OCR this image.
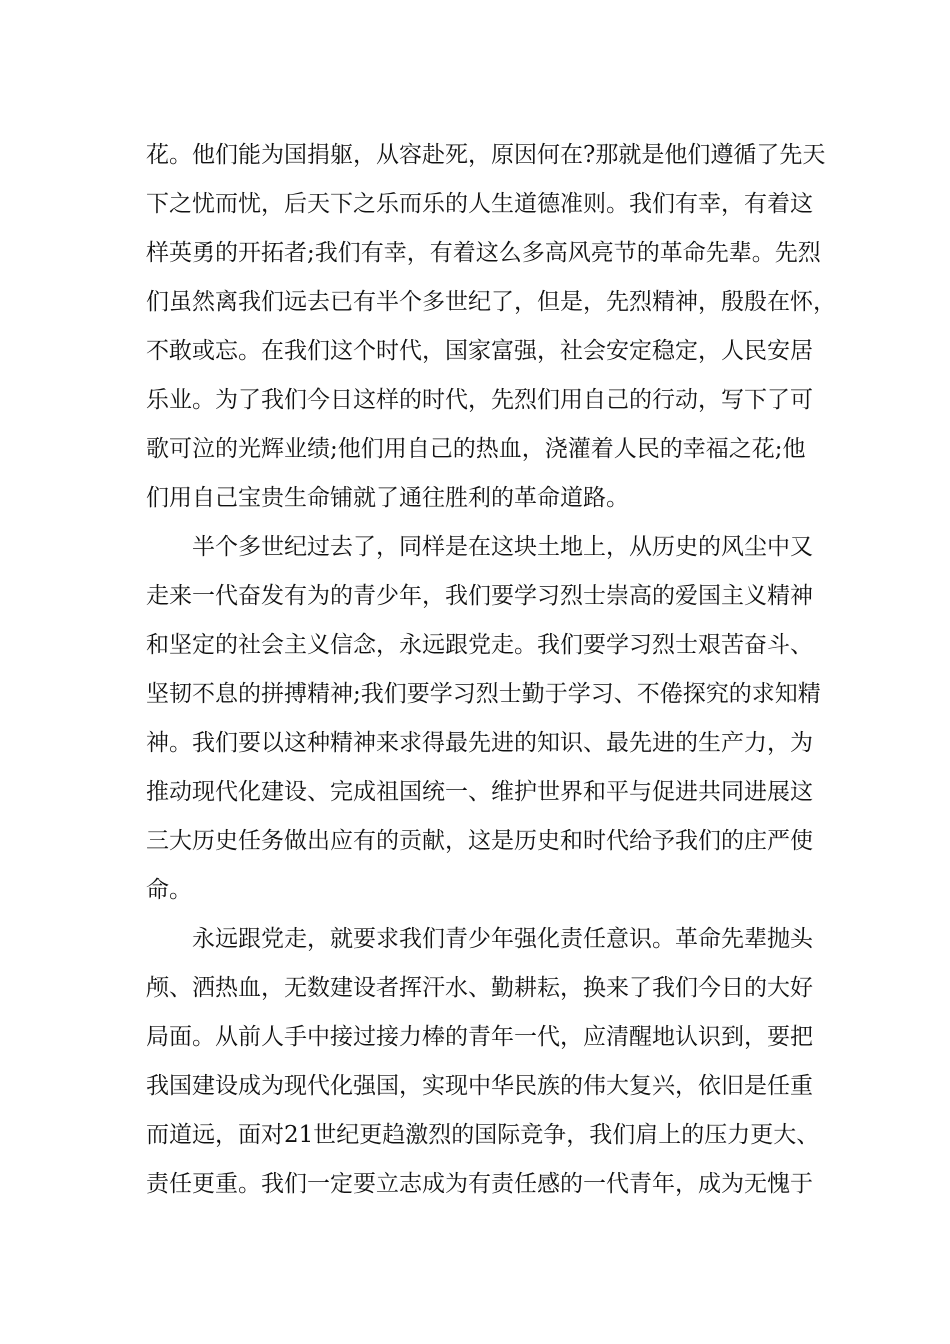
花。他们能为国捐躯，从容赴死，原因何在?那就是他们遵循了先天
下之忧而忧，后天下之乐而乐的人生道德准则。我们有幸，有着这
样英勇的开拓者;我们有幸，有着这么多高风亮节的革命先辈。先烈
们虽然离我们远去已有半个多世纪了，但是，先烈精神，殷殷在怀，
不敢或忘。在我们这个时代，国家富强，社会安定稳定，人民安居
乐业。为了我们今日这样的时代，先烈们用自己的行动，写下了可
歌可泣的光辉业绩;他们用自己的热血，浇灌着人民的幸福之花;他
们用自己宝贵生命铺就了通往胜利的革命道路。
　　半个多世纪过去了，同样是在这块土地上，从历史的风尘中又
走来一代奋发有为的青少年，我们要学习烈士崇高的爱国主义精神
和坚定的社会主义信念，永远跟党走。我们要学习烈士艰苦奋斗、
坚韧不息的拼搏精神;我们要学习烈士勤于学习、不倦探究的求知精
神。我们要以这种精神来求得最先进的知识、最先进的生产力，为
推动现代化建设、完成祖国统一、维护世界和平与促进共同进展这
三大历史任务做出应有的贡献，这是历史和时代给予我们的庄严使
命。
　　永远跟党走，就要求我们青少年强化责任意识。革命先辈抛头
颅、洒热血，无数建设者挥汗水、勤耕耘，换来了我们今日的大好
局面。从前人手中接过接力棒的青年一代，应清醒地认识到，要把
我国建设成为现代化强国，实现中华民族的伟大复兴，依旧是任重
而道远，面对21世纪更趋激烈的国际竞争，我们肩上的压力更大、
责任更重。我们一定要立志成为有责任感的一代青年，成为无愧于
